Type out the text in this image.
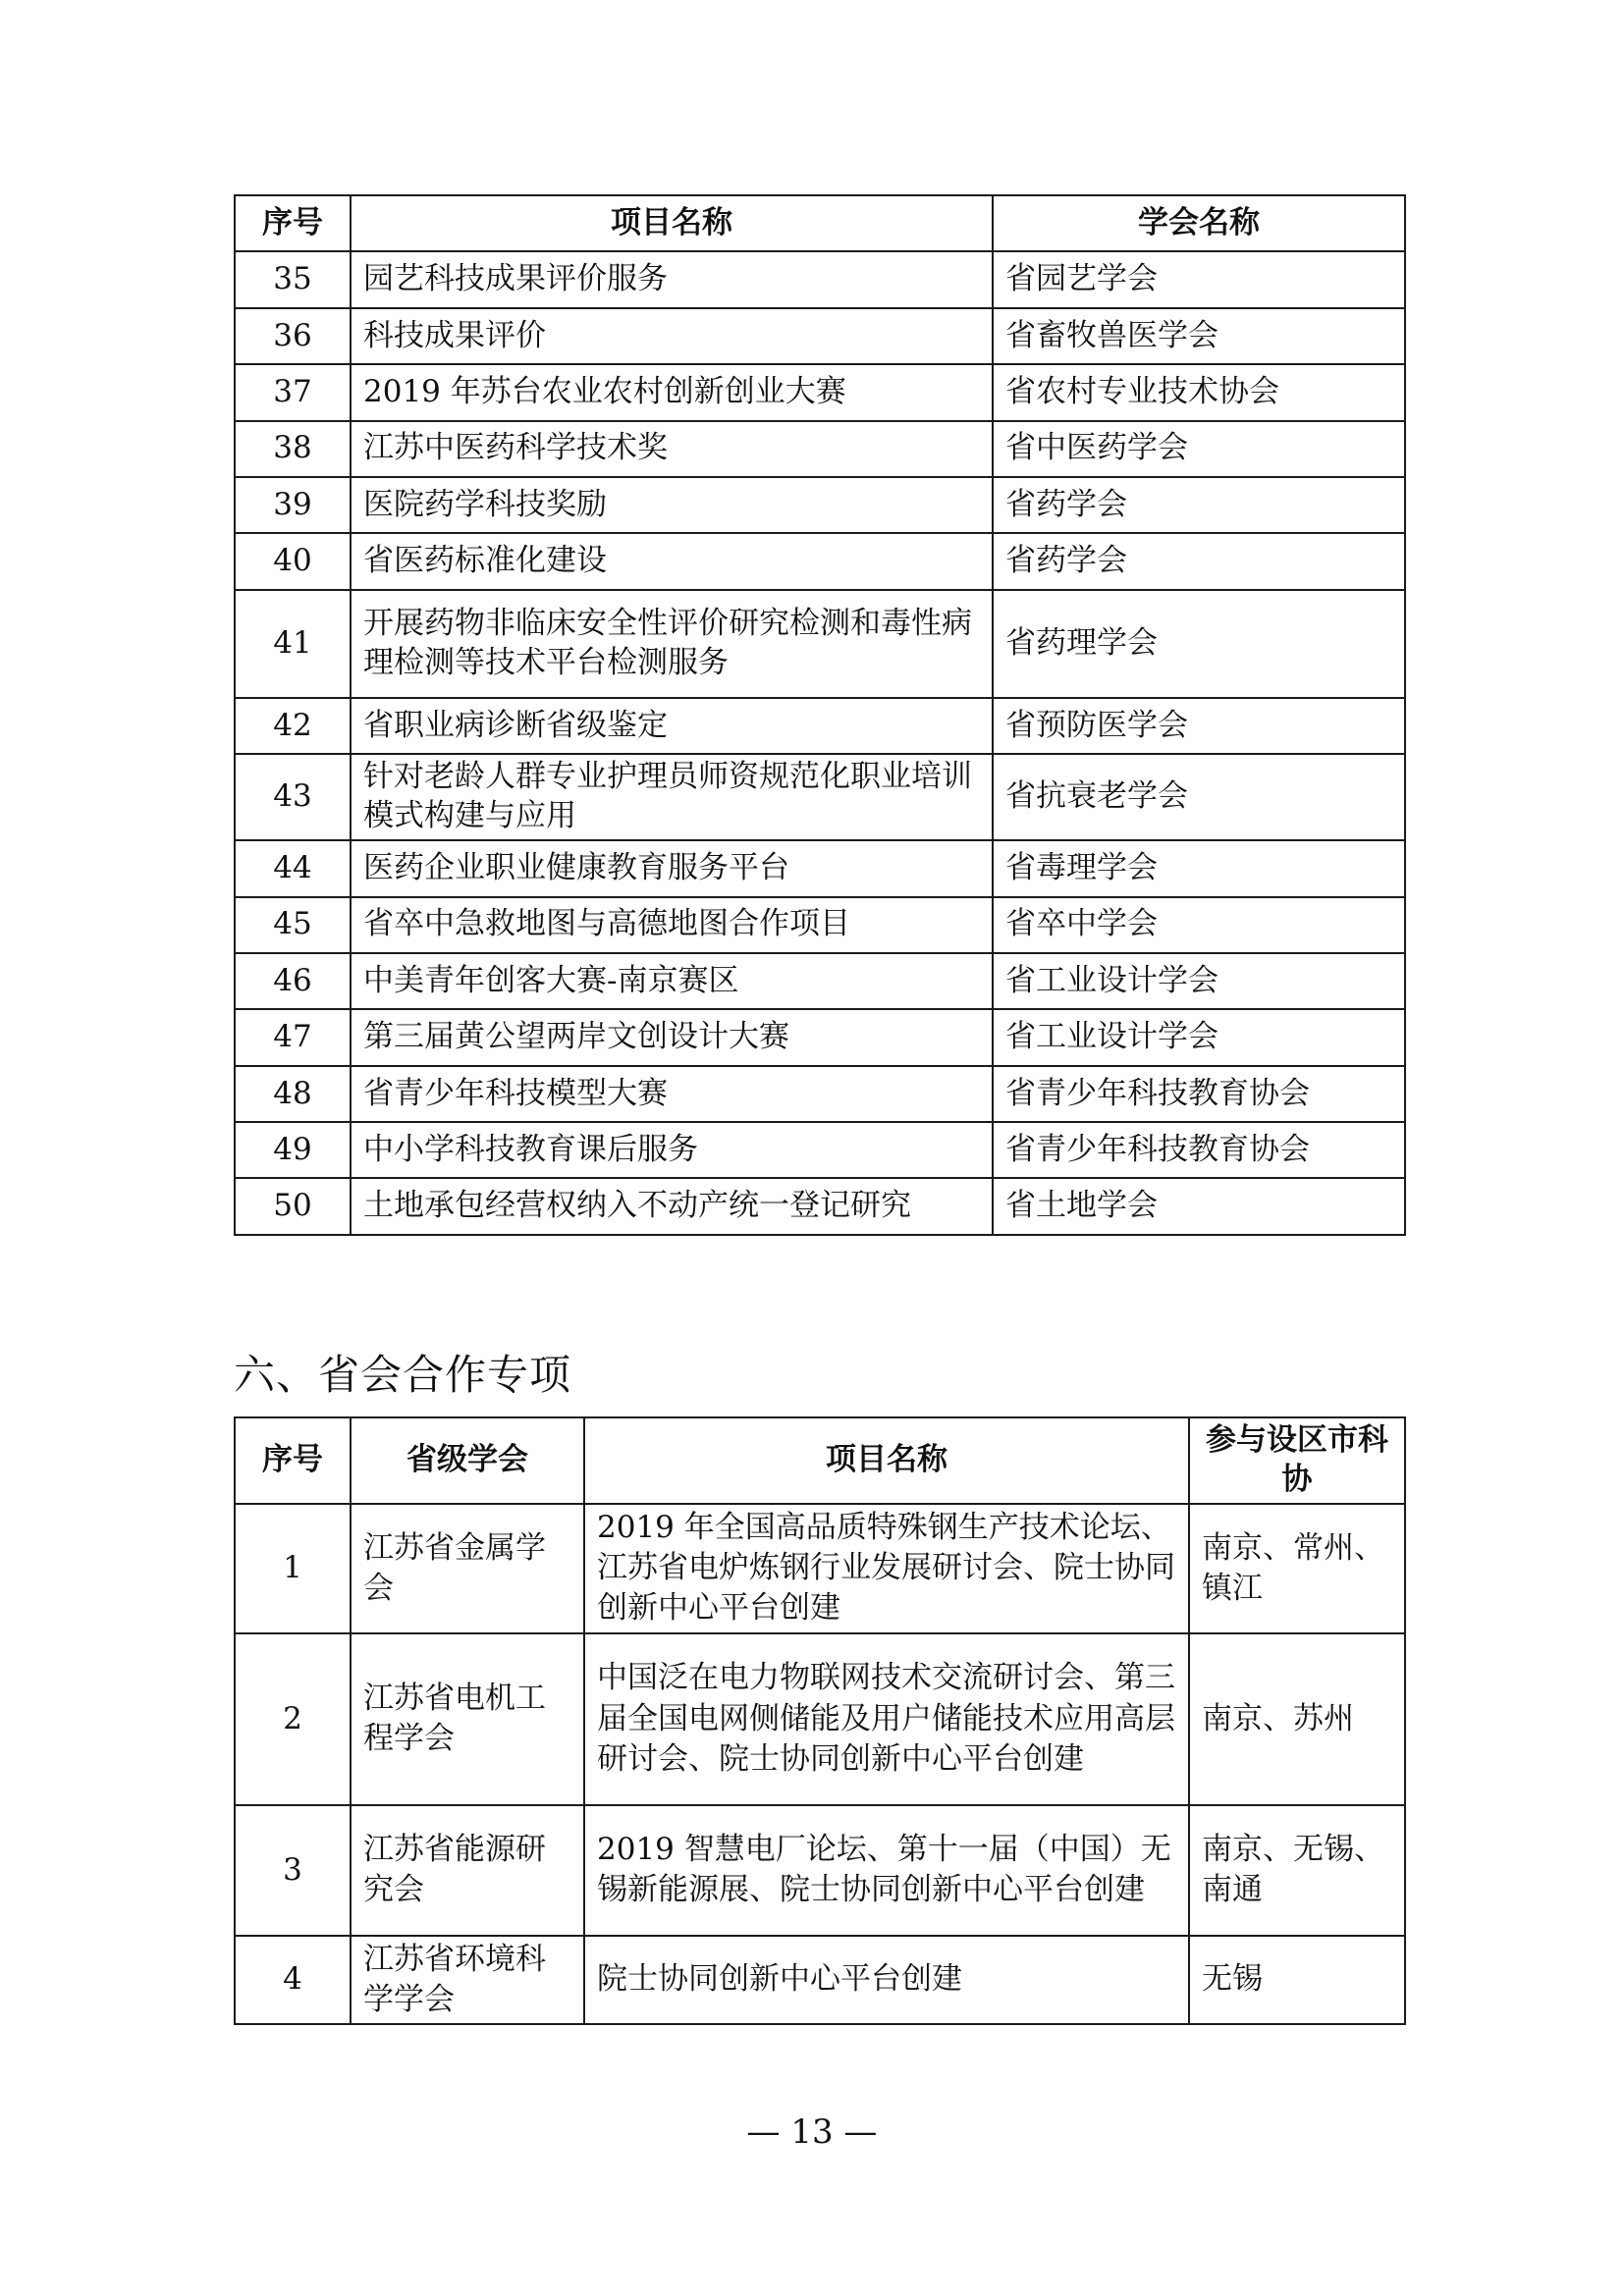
序号	项目名称	学会名称
35	园艺科技成果评价服务	省园艺学会
36	科技成果评价	省畜牧兽医学会
37	2019 年苏台农业农村创新创业大赛	省农村专业技术协会
38	江苏中医药科学技术奖	省中医药学会
39	医院药学科技奖励	省药学会
40	省医药标准化建设	省药学会
41	开展药物非临床安全性评价研究检测和毒性病理检测等技术平台检测服务	省药理学会
42	省职业病诊断省级鉴定	省预防医学会
43	针对老龄人群专业护理员师资规范化职业培训模式构建与应用	省抗衰老学会
44	医药企业职业健康教育服务平台	省毒理学会
45	省卒中急救地图与高德地图合作项目	省卒中学会
46	中美青年创客大赛-南京赛区	省工业设计学会
47	第三届黄公望两岸文创设计大赛	省工业设计学会
48	省青少年科技模型大赛	省青少年科技教育协会
49	中小学科技教育课后服务	省青少年科技教育协会
50	土地承包经营权纳入不动产统一登记研究	省土地学会
六、省会合作专项
序号	省级学会	项目名称	参与设区市科协
1	江苏省金属学会	2019 年全国高品质特殊钢生产技术论坛、江苏省电炉炼钢行业发展研讨会、院士协同创新中心平台创建	南京、常州、镇江
2	江苏省电机工程学会	中国泛在电力物联网技术交流研讨会、第三届全国电网侧储能及用户储能技术应用高层研讨会、院士协同创新中心平台创建	南京、苏州
3	江苏省能源研究会	2019 智慧电厂论坛、第十一届（中国）无锡新能源展、院士协同创新中心平台创建	南京、无锡、南通
4	江苏省环境科学学会	院士协同创新中心平台创建	无锡
— 13 —
